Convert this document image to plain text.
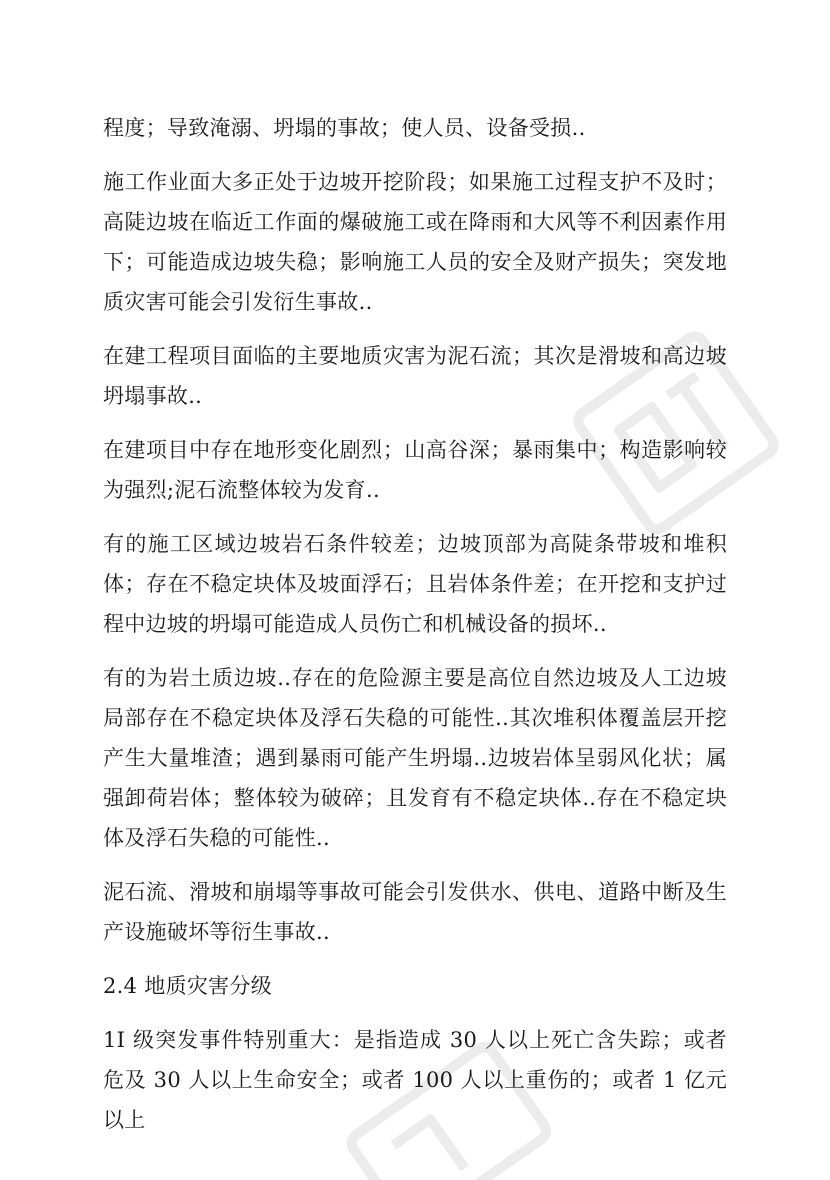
程度；导致淹溺、坍塌的事故；使人员、设备受损..

施工作业面大多正处于边坡开挖阶段；如果施工过程支护不及时；高陡边坡在临近工作面的爆破施工或在降雨和大风等不利因素作用下；可能造成边坡失稳；影响施工人员的安全及财产损失；突发地质灾害可能会引发衍生事故..

在建工程项目面临的主要地质灾害为泥石流；其次是滑坡和高边坡坍塌事故..

在建项目中存在地形变化剧烈；山高谷深；暴雨集中；构造影响较为强烈;泥石流整体较为发育..

有的施工区域边坡岩石条件较差；边坡顶部为高陡条带坡和堆积体；存在不稳定块体及坡面浮石；且岩体条件差；在开挖和支护过程中边坡的坍塌可能造成人员伤亡和机械设备的损坏..

有的为岩土质边坡..存在的危险源主要是高位自然边坡及人工边坡局部存在不稳定块体及浮石失稳的可能性..其次堆积体覆盖层开挖产生大量堆渣；遇到暴雨可能产生坍塌..边坡岩体呈弱风化状；属强卸荷岩体；整体较为破碎；且发育有不稳定块体..存在不稳定块体及浮石失稳的可能性..

泥石流、滑坡和崩塌等事故可能会引发供水、供电、道路中断及生产设施破坏等衍生事故..

2.4 地质灾害分级

1I 级突发事件特别重大：是指造成 30 人以上死亡含失踪；或者危及 30 人以上生命安全；或者 100 人以上重伤的；或者 1 亿元以上
